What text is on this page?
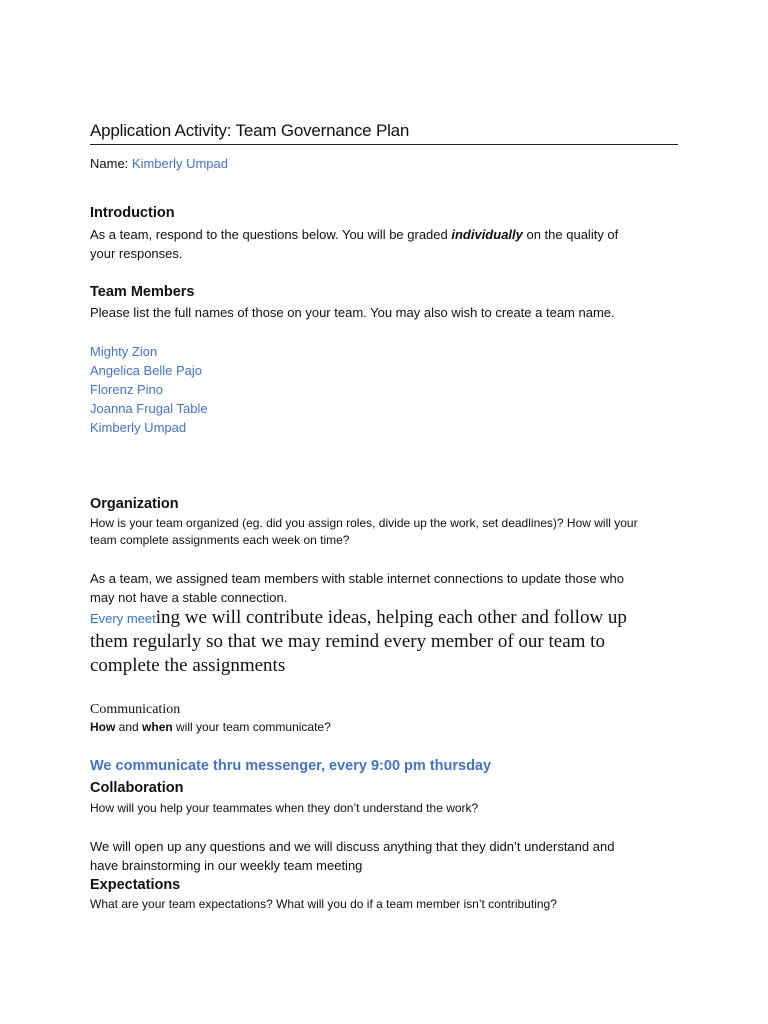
Application Activity: Team Governance Plan
Name: Kimberly Umpad
Introduction
As a team, respond to the questions below. You will be graded individually on the quality of
your responses.
Team Members
Please list the full names of those on your team. You may also wish to create a team name.
Mighty Zion
Angelica Belle Pajo
Florenz Pino
Joanna Frugal Table
Kimberly Umpad
Organization
How is your team organized (eg. did you assign roles, divide up the work, set deadlines)? How will your
team complete assignments each week on time?
As a team, we assigned team members with stable internet connections to update those who
may not have a stable connection.
Every meeting we will contribute ideas, helping each other and follow up
them regularly so that we may remind every member of our team to
complete the assignments
Communication
How and when will your team communicate?
We communicate thru messenger, every 9:00 pm thursday
Collaboration
How will you help your teammates when they don’t understand the work?
We will open up any questions and we will discuss anything that they didn’t understand and
have brainstorming in our weekly team meeting
Expectations
What are your team expectations? What will you do if a team member isn’t contributing?
